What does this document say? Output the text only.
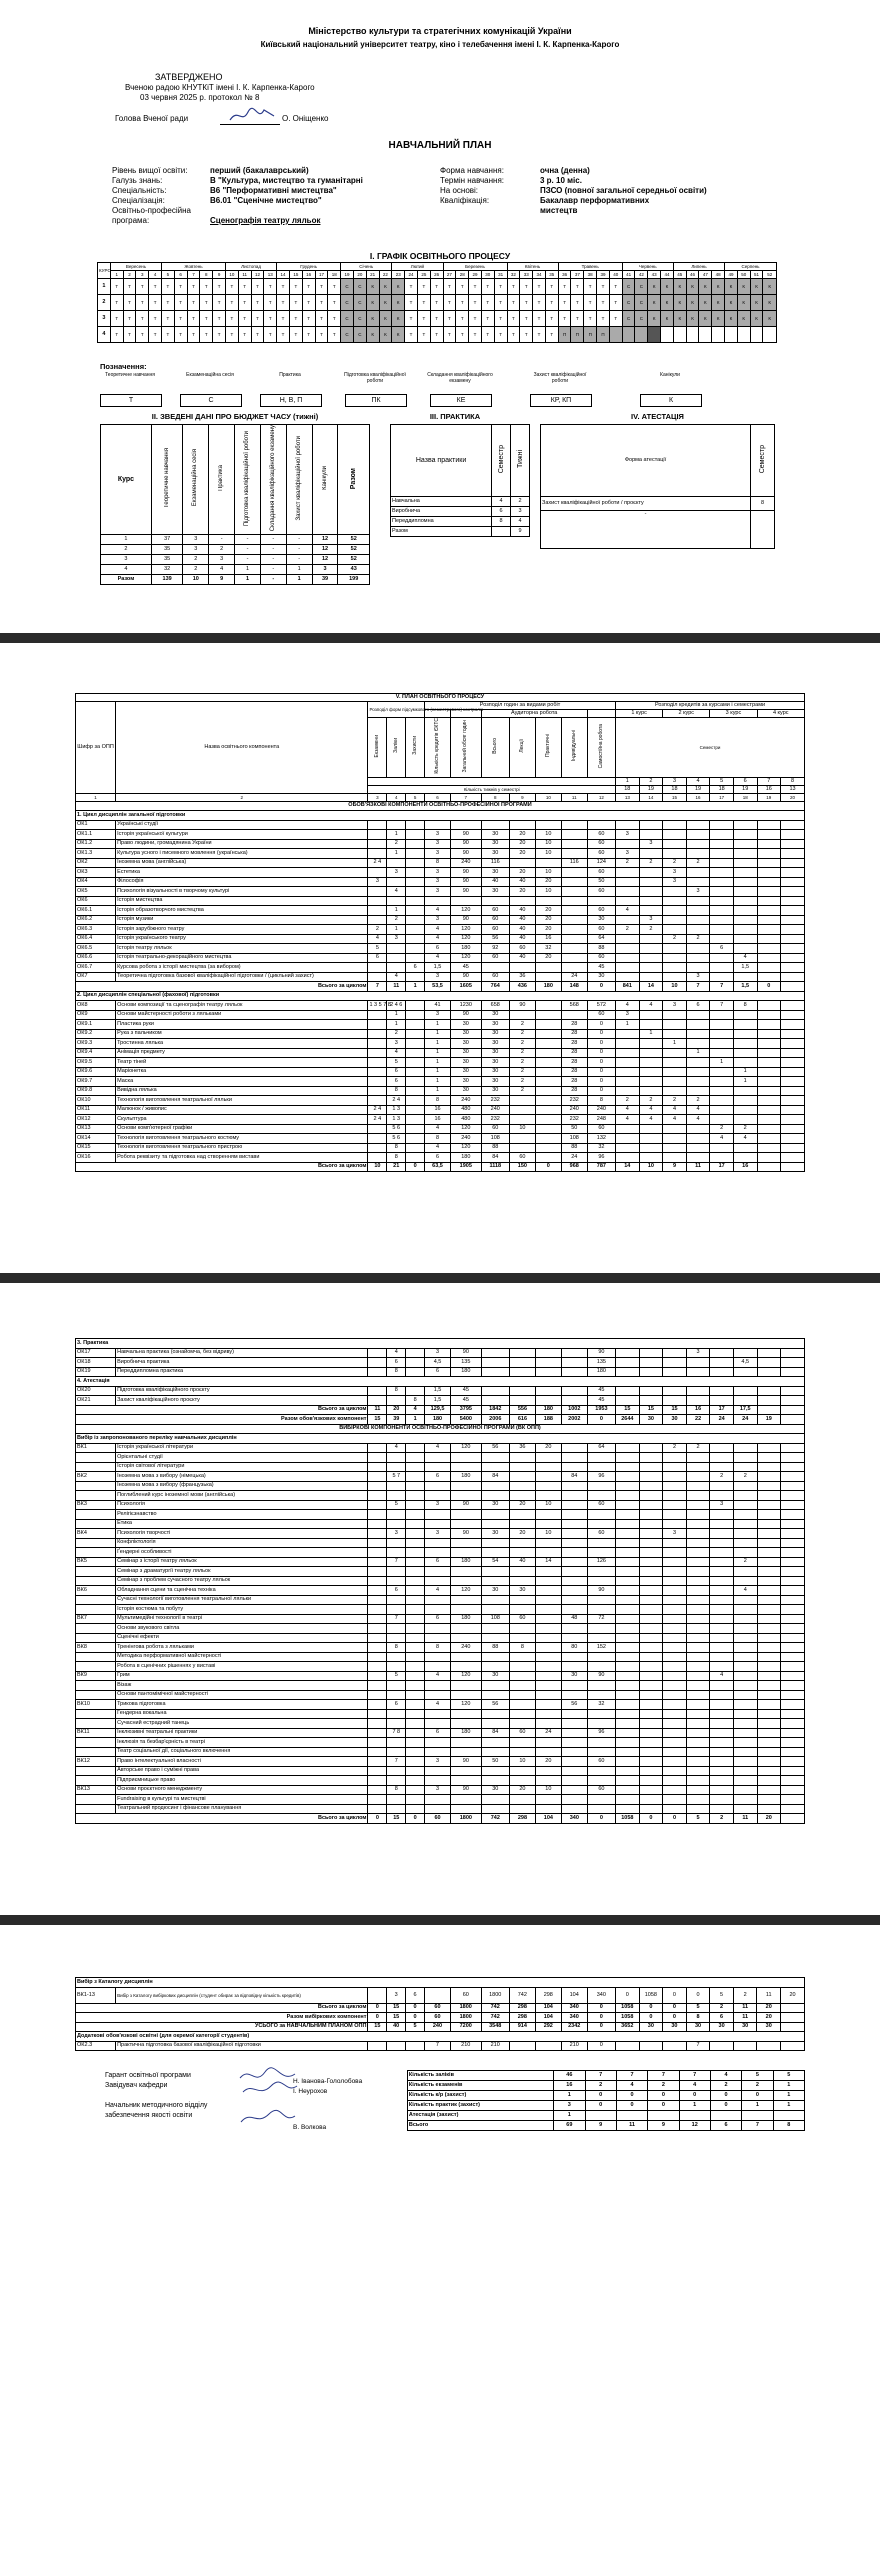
Міністерство культури та стратегічних комунікацій України
Київський національний університет театру, кіно і телебачення імені І. К. Карпенка-Карого
ЗАТВЕРДЖЕНО
Вченою радою КНУТКіТ імені І. К. Карпенка-Карого
03 червня 2025 р. протокол № 8
Голова Вченої ради	О. Оніщенко
НАВЧАЛЬНИЙ ПЛАН
Рівень вищої освіти:	перший (бакалаврський)
Галузь знань:	В "Культура, мистецтво та гуманітарні
Спеціальність:	В6 "Перформативні мистецтва"
Спеціалізація:	В6.01 "Сценічне мистецтво"
Освітньо-професійна
програма:	Сценографія театру ляльок
Форма навчання:	очна (денна)
Термін навчання:	3 р. 10 міс.
На основі:	ПЗСО (повної загальної середньої освіти)
Кваліфікація:	Бакалавр перформативних
мистецтв
I. ГРАФІК ОСВІТНЬОГО ПРОЦЕСУ
КУРС	Вересень				Жовтень					Листопад				Грудень					Січень				Лютий				Березень					Квітень				Травень					Червень				Липень				Серпень			
	1	2	3	4	5	6	7	8	9	10	11	12	13	14	15	16	17	18	19	20	21	22	23	24	25	26	27	28	29	30	31	32	33	34	35	36	37	38	39	40	41	42	43	44	45	46	47	48	49	50	51	52
1	Т	Т	Т	Т	Т	Т	Т	Т	Т	Т	Т	Т	Т	Т	Т	Т	Т	Т	С	С	К	К	К	Т	Т	Т	Т	Т	Т	Т	Т	Т	Т	Т	Т	Т	Т	Т	Т	Т	С	С	К	К	К	К	К	К	К	К	К	К
2	Т	Т	Т	Т	Т	Т	Т	Т	Т	Т	Т	Т	Т	Т	Т	Т	Т	Т	С	С	К	К	К	Т	Т	Т	Т	Т	Т	Т	Т	Т	Т	Т	Т	Т	Т	Т	Т	Т	С	С	К	К	К	К	К	К	К	К	К	К
3	Т	Т	Т	Т	Т	Т	Т	Т	Т	Т	Т	Т	Т	Т	Т	Т	Т	Т	С	С	К	К	К	Т	Т	Т	Т	Т	Т	Т	Т	Т	Т	Т	Т	Т	Т	Т	Т	Т	С	С	К	К	К	К	К	К	К	К	К	К
4	Т	Т	Т	Т	Т	Т	Т	Т	Т	Т	Т	Т	Т	Т	Т	Т	Т	Т	С	С	К	К	К	Т	Т	Т	Т	Т	Т	Т	Т	Т	Т	Т	Т	П	П	П	П													
Позначення:
Теоретичне навчання
Т
Екзаменаційна сесія
С
Практика
Н, В, П
Підготовка кваліфікаційної роботи
ПК
Складання кваліфікаційного екзамену
КЕ
Захист кваліфікаційної роботи
КР, КП
Канікули
К
II. ЗВЕДЕНІ ДАНІ ПРО БЮДЖЕТ ЧАСУ (тижні)
Курс	Теоретичне навчання	Екзаменаційна сесія	Практика	Підготовка кваліфікаційної роботи	Складання кваліфікаційного екзамену	Захист кваліфікаційної роботи	Канікули	Разом
1	37	3	-	-	-	-	12	52
2	35	3	2	-	-	-	12	52
3	35	2	3	-	-	-	12	52
4	32	2	4	1	-	1	3	43
Разом	139	10	9	1	-	1	39	199
III. ПРАКТИКА
Назва практики	Семестр	Тижні
Навчальна	4	2
Виробнича	6	3
Переддипломна	8	4
Разом		9
IV. АТЕСТАЦІЯ
Форма атестації	Семестр
Захист кваліфікаційної роботи / проєкту	8
-	
V. ПЛАН ОСВІТНЬОГО ПРОЦЕСУ																			
Шифр за ОПП	Назва освітнього компонента	Розподіл форм підсумкового (семестрового) контролю			Розподіл годин за видами робіт							Розподіл кредитів за курсами і семестрами							
							Аудиторна робота					1 курс		2 курс		3 курс		4 курс	
		Екзамени	Заліки	Захисти	Кількість кредитів ЄКТС	Загальний обсяг годин	Всього	Лекції	Практичні	Індивідуальні	Самостійна робота	Семестри							
												1	2	3	4	5	6	7	8
		Кількість тижнів у семестрі										18	19	18	19	18	19	16	13
1	2	3	4	5	6	7	8	9	10	11	12	13	14	15	16	17	18	19	20
ОБОВ'ЯЗКОВІ КОМПОНЕНТИ ОСВІТНЬО-ПРОФЕСІЙНОЇ ПРОГРАМИ																			
1. Цикл дисциплін загальної підготовки																			
ОК1	Українські студії																		
ОК1.1	Історія української культури		1		3	90	30	20	10		60	3							
ОК1.2	Право людини, громадянина України		2		3	90	30	20	10		60		3						
ОК1.3	Культура усного і писемного мовлення (українська)		1		3	90	30	20	10		60	3							
ОК2	Іноземна мова (англійська)	2 4			8	240	116			116	124	2	2	2	2				
ОК3	Естетика		3		3	90	30	20	10		60			3					
ОК4	Філософія	3			3	90	40	40	20		50			3					
ОК5	Психологія візуальності в творчому культурі		4		3	90	30	20	10		60				3				
ОК6	Історія мистецтва																		
ОК6.1	Історія образотворчого мистецтва		1		4	120	60	40	20		60	4							
ОК6.2	Історія музики		2		3	90	60	40	20		30		3						
ОК6.3	Історія зарубіжного театру	2	1		4	120	60	40	20		60	2	2						
ОК6.4	Історія українського театру	4	3		4	120	56	40	16		64			2	2				
ОК6.5	Історія театру ляльок	5			6	180	92	60	32		88					6			
ОК6.6	Історія театрально-декораційного мистецтва	6			4	120	60	40	20		60						4		
ОК6.7	Курсова робота з історії мистецтва (за вибором)			6	1,5	45					45						1,5		
ОК7	Теоретична підготовка базової кваліфікаційної підготовки / (цикльний захист)		4		3	90	60	36		24	30				3				
Всього за циклом		7	11	1	53,5	1605	764	436	180	148	0	841	14	10	7	7	1,5	0	
2. Цикл дисциплін спеціальної (фахової) підготовки																			
ОК8	Основи композиції та сценографія театру ляльок	1 3 5 7 8	2 4 6		41	1230	658	90		568	572	4	4	3	6	7	8		
ОК9	Основи майстерності роботи з ляльками		1		3	90	30				60	3							
ОК9.1	Пластика руки		1		1	30	30	2		28	0	1							
ОК9.2	Рука з пальчиком		2		1	30	30	2		28	0		1						
ОК9.3	Тростинна лялька		3		1	30	30	2		28	0			1					
ОК9.4	Анімація предмету		4		1	30	30	2		28	0				1				
ОК9.5	Театр тіней		5		1	30	30	2		28	0					1			
ОК9.6	Маріонетка		6		1	30	30	2		28	0						1		
ОК9.7	Маска		6		1	30	30	2		28	0						1		
ОК9.8	Вивідна лялька		8		1	30	30	2		28	0								
ОК10	Технологія виготовлення театральної ляльки		2 4		8	240	232			232	8	2	2	2	2				
ОК11	Малюнок / живопис	2 4	1 3		16	480	240			240	240	4	4	4	4				
ОК12	Скульптура	2 4	1 3		16	480	232			232	248	4	4	4	4				
ОК13	Основи комп'ютерної графіки		5 6		4	120	60	10		50	60					2	2		
ОК14	Технологія виготовлення театрального костюму		5 6		8	240	108			108	132					4	4		
ОК15	Технологія виготовлення театрального пристрою		8		4	120	88			88	32								
ОК16	Робота реквізиту та підготовка над створенням вистави		8		6	180	84	60		24	96								
Всього за циклом		10	21	0	63,5	1905	1118	150	0	968	787	14	10	9	11	17	16		
3. Практика																			
ОК17	Навчальна практика (ознайомча, без відриву)		4		3	90					90				3				
ОК18	Виробнича практика		6		4,5	135					135						4,5		
ОК19	Переддипломна практика		8		6	180					180								
4. Атестація																			
ОК20	Підготовка кваліфікаційного проєкту		8		1,5	45					45								
ОК21	Захист кваліфікаційного проєкту			8	1,5	45					45								
Всього за циклом		11	20	4	129,5	3795	1842	556	180	1002	1953	15	15	15	16	17	17,5		
Разом обов'язкових компонент		15	39	1	180	5400	2006	616	188	2002	0	2644	30	30	22	24	24	19	
ВИБІРКОВІ КОМПОНЕНТИ ОСВІТНЬО-ПРОФЕСІЙНОЇ ПРОГРАМИ (ВК ОПП)																			
Вибір із запропонованого переліку навчальних дисциплін																			
ВК1	Історія української літератури		4		4	120	56	36	20		64			2	2				
	Орієнтальні студії																		
	Історія світової літератури																		
ВК2	Іноземна мова з вибору (німецька)		5 7		6	180	84			84	96					2	2		
	Іноземна мова з вибору (французька)																		
	Поглиблений курс іноземної мови (англійська)																		
ВК3	Психологія		5		3	90	30	20	10		60					3			
	Релігієзнавство																		
	Етика																		
ВК4	Психологія творчості		3		3	90	30	20	10		60			3					
	Конфліктологія																		
	Ґендерні особливості																		
ВК5	Семінар з історії театру ляльок		7		6	180	54	40	14		126						2		
	Семінар з драматургії театру ляльок																		
	Семінар з проблем сучасного театру ляльок																		
ВК6	Обладнання сцени та сценічна техніка		6		4	120	30	30			90						4		
	Сучасні технології виготовлення театральної ляльки																		
	Історія костюма та побуту																		
ВК7	Мультимедійні технології в театрі		7		6	180	108	60		48	72								
	Основи звукового світла																		
	Сценічні ефекти																		
ВК8	Тренінгова робота з ляльками		8		8	240	88	8		80	152								
	Методика перформативної майстерності																		
	Робота в сценічних рішеннях у виставі																		
ВК9	Грим		5		4	120	30			30	90					4			
	Візаж																		
	Основи пантомімічної майстерності																		
ВК10	Трикова підготовка		6		4	120	56			56	32								
	Ґендерна вокальна																		
	Сучасний естрадний танець																		
ВК11	Інклюзивні театральні практики		7 8		6	180	84	60	24		96								
	Інклюзія та безбар'єрність в театрі																		
	Театр соціальної дії, соціального включення																		
ВК12	Право інтелектуальної власності		7		3	90	50	10	20		60								
	Авторське право і суміжні права																		
	Підприємницьке право																		
ВК13	Основи проєктного менеджменту		8		3	90	30	20	10		60								
	Fundraising в культурі та мистецтві																		
	Театральний продюсинг і фінансове планування																		
Всього за циклом		0	15	0	60	1800	742	298	104	340	0	1058	0	0	5	2	11	20	
Вибір з Каталогу дисциплін																			
ВК1-13	Вибір з Каталогу вибіркових дисциплін (студент обирає за відповідну кількість кредитів)		3	6		60	1800	742	298	104	340	0	1058	0	0	5	2	11	20
Всього за циклом		0	15	0	60	1800	742	298	104	340	0	1058	0	0	5	2	11	20	
Разом вибіркових компонент		0	15	0	60	1800	742	298	104	340	0	1058	0	0	8	6	11	20	
УСЬОГО за НАВЧАЛЬНИМ ПЛАНОМ ОПП		15	40	5	240	7200	3548	914	292	2342	0	3652	30	30	30	30	30	30	
Додаткові обов'язкові освітні (для окремої категорії студентів)																			
ОК2.3	Практична підготовка базової кваліфікаційної підготовки				7	210	210			210	0				7				
Гарант освітньої програми	Кількість заліків	46	7	7	7	7	4	5	5
Завідувач кафедри	Кількість екзаменів	16	2	4	2	4	2	2	1
	Кількість к/р (захист)	1	0	0	0	0	0	0	1
Начальник методичного відділу	Кількість практик (захист)	3	0	0	0	1	0	1	1
забезпечення якості освіти	Атестація (захист)	1							
	Всього	69	9	11	9	12	6	7	8
Н. Іванова-Гололобова
І. Неурохов
В. Волкова
